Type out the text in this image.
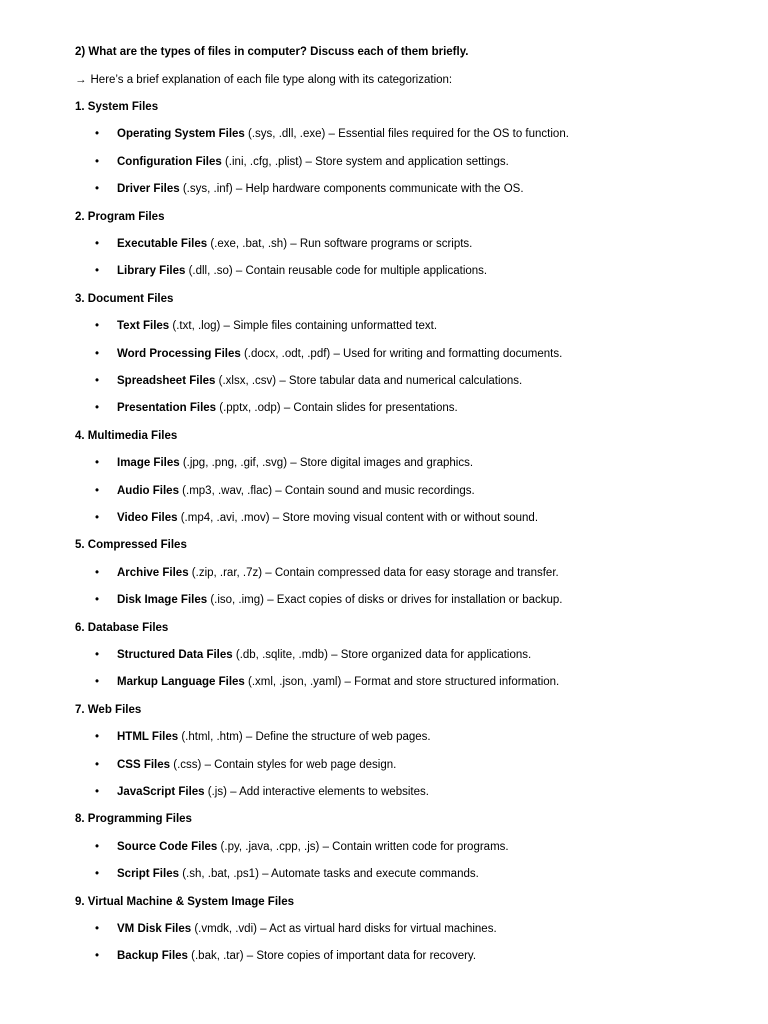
2) What are the types of files in computer? Discuss each of them briefly.
→ Here’s a brief explanation of each file type along with its categorization:
1. System Files
• Operating System Files (.sys, .dll, .exe) – Essential files required for the OS to function.
• Configuration Files (.ini, .cfg, .plist) – Store system and application settings.
• Driver Files (.sys, .inf) – Help hardware components communicate with the OS.
2. Program Files
• Executable Files (.exe, .bat, .sh) – Run software programs or scripts.
• Library Files (.dll, .so) – Contain reusable code for multiple applications.
3. Document Files
• Text Files (.txt, .log) – Simple files containing unformatted text.
• Word Processing Files (.docx, .odt, .pdf) – Used for writing and formatting documents.
• Spreadsheet Files (.xlsx, .csv) – Store tabular data and numerical calculations.
• Presentation Files (.pptx, .odp) – Contain slides for presentations.
4. Multimedia Files
• Image Files (.jpg, .png, .gif, .svg) – Store digital images and graphics.
• Audio Files (.mp3, .wav, .flac) – Contain sound and music recordings.
• Video Files (.mp4, .avi, .mov) – Store moving visual content with or without sound.
5. Compressed Files
• Archive Files (.zip, .rar, .7z) – Contain compressed data for easy storage and transfer.
• Disk Image Files (.iso, .img) – Exact copies of disks or drives for installation or backup.
6. Database Files
• Structured Data Files (.db, .sqlite, .mdb) – Store organized data for applications.
• Markup Language Files (.xml, .json, .yaml) – Format and store structured information.
7. Web Files
• HTML Files (.html, .htm) – Define the structure of web pages.
• CSS Files (.css) – Contain styles for web page design.
• JavaScript Files (.js) – Add interactive elements to websites.
8. Programming Files
• Source Code Files (.py, .java, .cpp, .js) – Contain written code for programs.
• Script Files (.sh, .bat, .ps1) – Automate tasks and execute commands.
9. Virtual Machine & System Image Files
• VM Disk Files (.vmdk, .vdi) – Act as virtual hard disks for virtual machines.
• Backup Files (.bak, .tar) – Store copies of important data for recovery.
